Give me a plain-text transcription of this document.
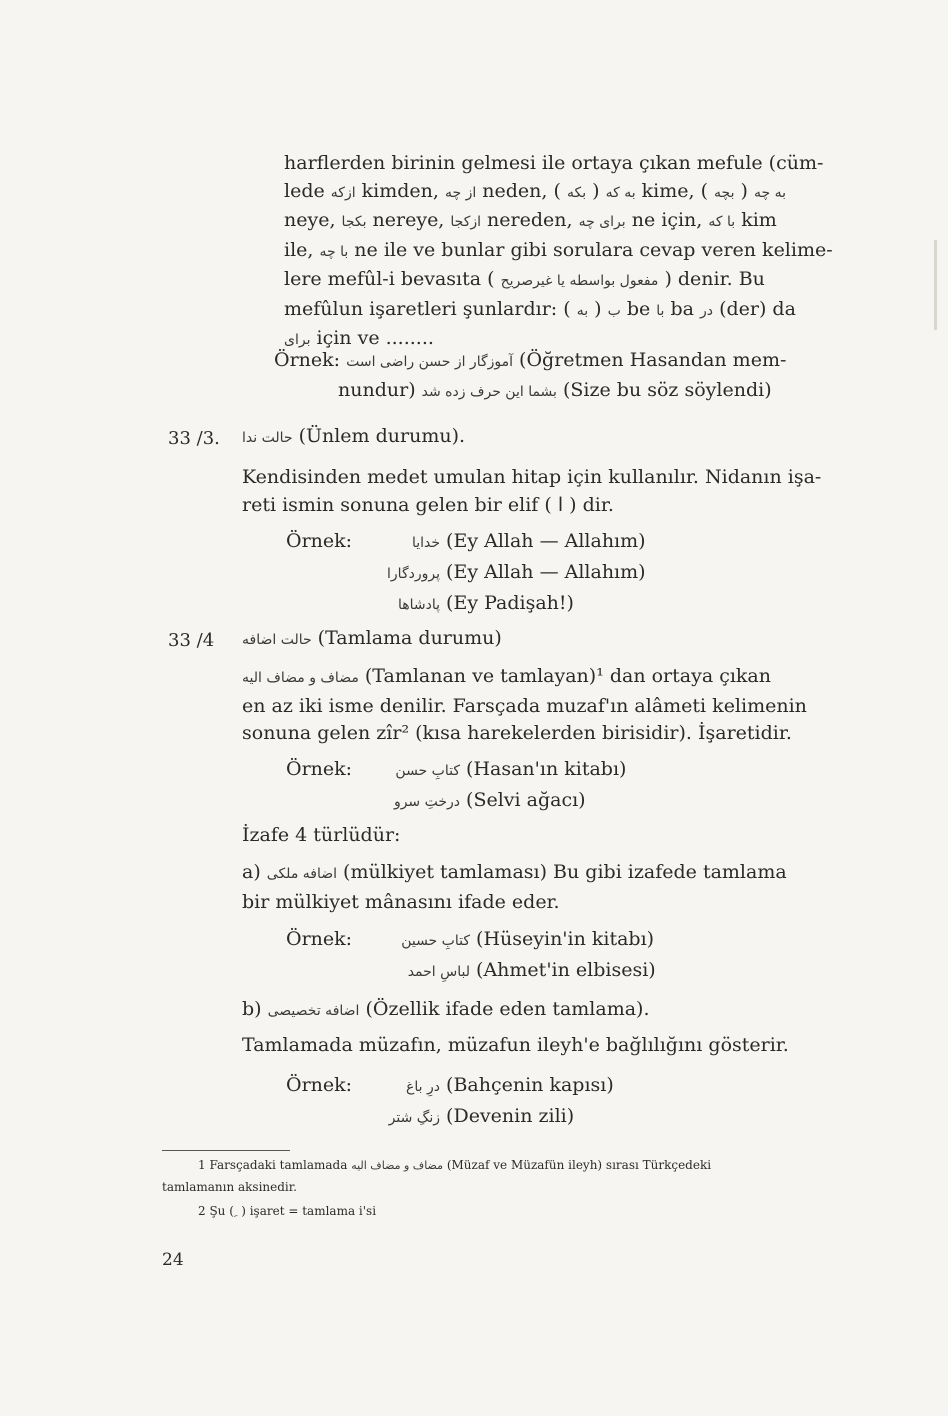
harflerden birinin gelmesi ile ortaya çıkan mefule (cüm-
lede ازکه kimden, از چه neden, ( بکه ) به که kime, ( بچه ) به چه
neye, بکجا nereye, ازکجا nereden, برای چه ne için, با که kim
ile, با چه ne ile ve bunlar gibi sorulara cevap veren kelime-
lere mefûl-i bevasıta ( مفعول بواسطه یا غیرصریح ) denir. Bu
mefûlun işaretleri şunlardır: ( به ) ب be با ba در (der) da
برای için ve ........
Örnek: آموزگار از حسن راضی است (Öğretmen Hasandan mem-
nundur) بشما این حرف زده شد (Size bu söz söylendi)
33 /3. حالت ندا (Ünlem durumu).
Kendisinden medet umulan hitap için kullanılır. Nidanın işa-
reti ismin sonuna gelen bir elif ( ا ) dir.
Örnek:	خدایا (Ey Allah — Allahım)
پروردگارا (Ey Allah — Allahım)
پادشاها (Ey Padişah!)
33 /4 حالت اضافه (Tamlama durumu)
مضاف و مضاف الیه (Tamlanan ve tamlayan)¹ dan ortaya çıkan
en az iki isme denilir. Farsçada muzaf'ın alâmeti kelimenin
sonuna gelen zîr² (kısa harekelerden birisidir). İşaretidir.
Örnek:	کتابِ حسن (Hasan'ın kitabı)
درختِ سرو (Selvi ağacı)
İzafe 4 türlüdür:
a) اضافه ملکی (mülkiyet tamlaması) Bu gibi izafede tamlama
bir mülkiyet mânasını ifade eder.
Örnek:	کتابِ حسین (Hüseyin'in kitabı)
لباسِ احمد (Ahmet'in elbisesi)
b) اضافه تخصیصی (Özellik ifade eden tamlama).
Tamlamada müzafın, müzafun ileyh'e bağlılığını gösterir.
Örnek:	درِ باغ (Bahçenin kapısı)
زنگِ شتر (Devenin zili)
1 Farsçadaki tamlamada مضاف و مضاف الیه (Müzaf ve Müzafün ileyh) sırası Türkçedeki
tamlamanın aksinedir.
2 Şu ( ِ ) işaret = tamlama i'si
24
